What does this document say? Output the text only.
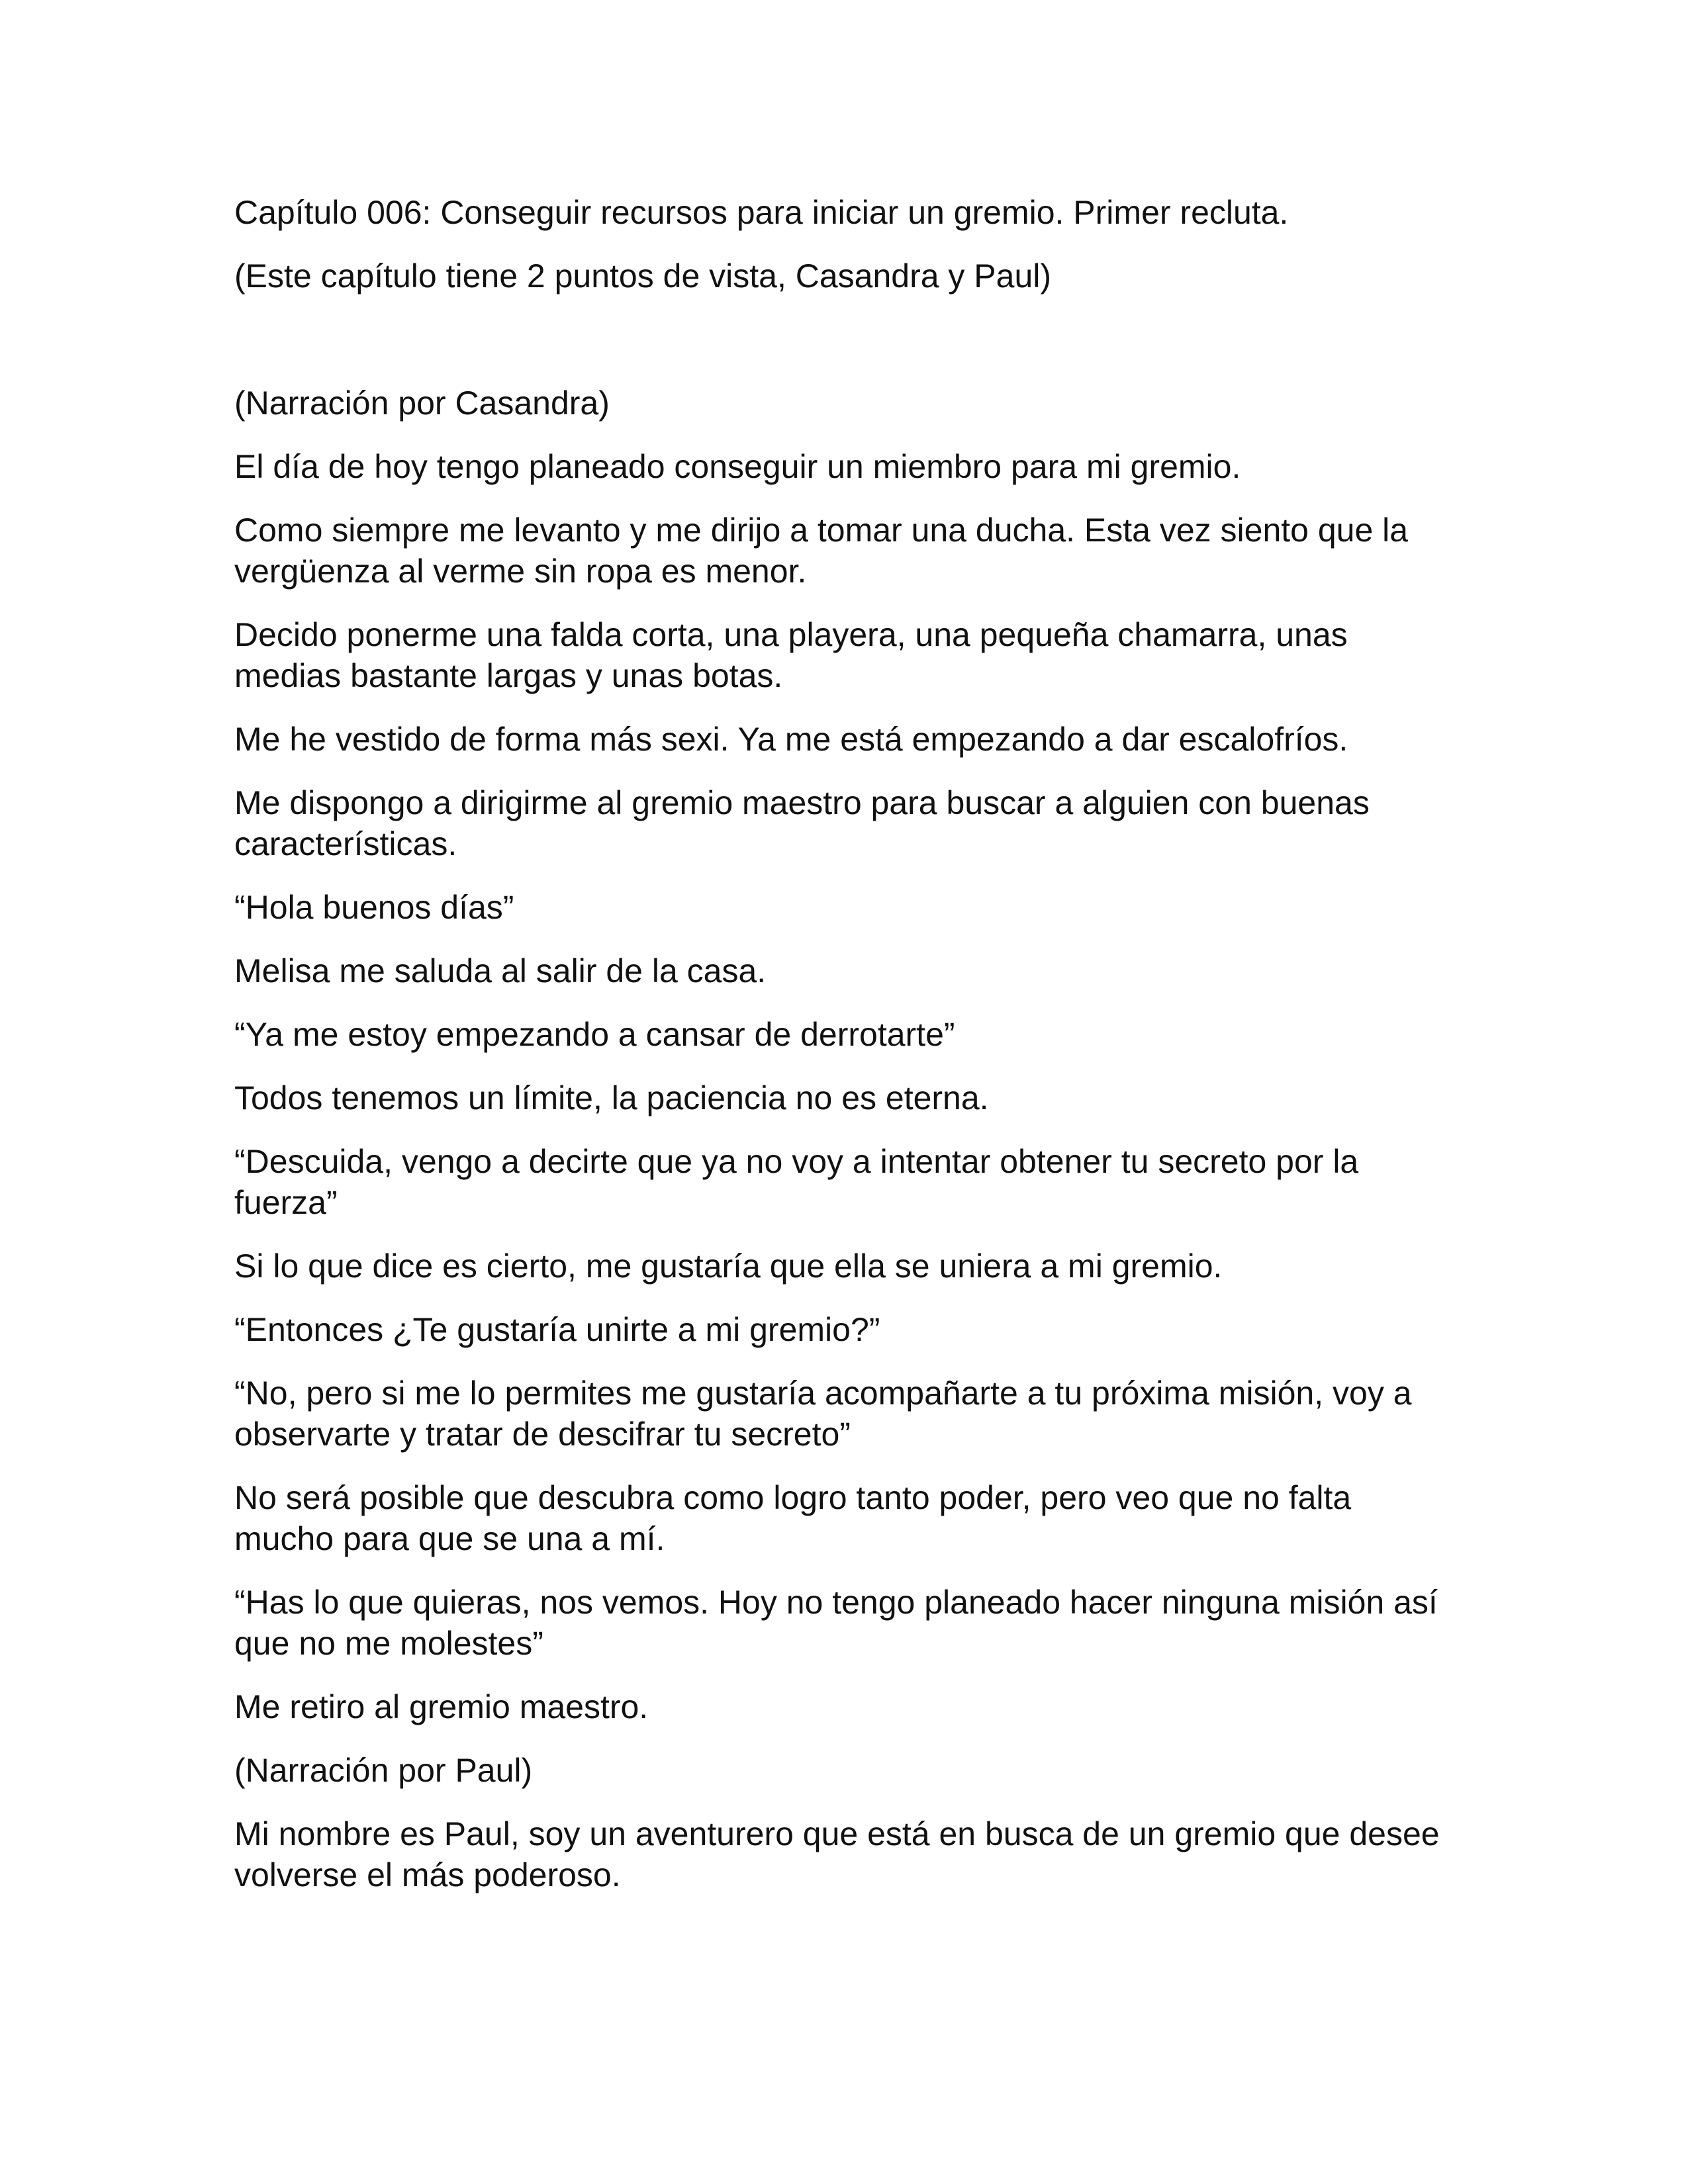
Capítulo 006: Conseguir recursos para iniciar un gremio. Primer recluta.

(Este capítulo tiene 2 puntos de vista, Casandra y Paul)

(Narración por Casandra)

El día de hoy tengo planeado conseguir un miembro para mi gremio.

Como siempre me levanto y me dirijo a tomar una ducha. Esta vez siento que la
vergüenza al verme sin ropa es menor.

Decido ponerme una falda corta, una playera, una pequeña chamarra, unas
medias bastante largas y unas botas.

Me he vestido de forma más sexi. Ya me está empezando a dar escalofríos.

Me dispongo a dirigirme al gremio maestro para buscar a alguien con buenas
características.

“Hola buenos días”

Melisa me saluda al salir de la casa.

“Ya me estoy empezando a cansar de derrotarte”

Todos tenemos un límite, la paciencia no es eterna.

“Descuida, vengo a decirte que ya no voy a intentar obtener tu secreto por la
fuerza”

Si lo que dice es cierto, me gustaría que ella se uniera a mi gremio.

“Entonces ¿Te gustaría unirte a mi gremio?”

“No, pero si me lo permites me gustaría acompañarte a tu próxima misión, voy a
observarte y tratar de descifrar tu secreto”

No será posible que descubra como logro tanto poder, pero veo que no falta
mucho para que se una a mí.

“Has lo que quieras, nos vemos. Hoy no tengo planeado hacer ninguna misión así
que no me molestes”

Me retiro al gremio maestro.

(Narración por Paul)

Mi nombre es Paul, soy un aventurero que está en busca de un gremio que desee
volverse el más poderoso.
